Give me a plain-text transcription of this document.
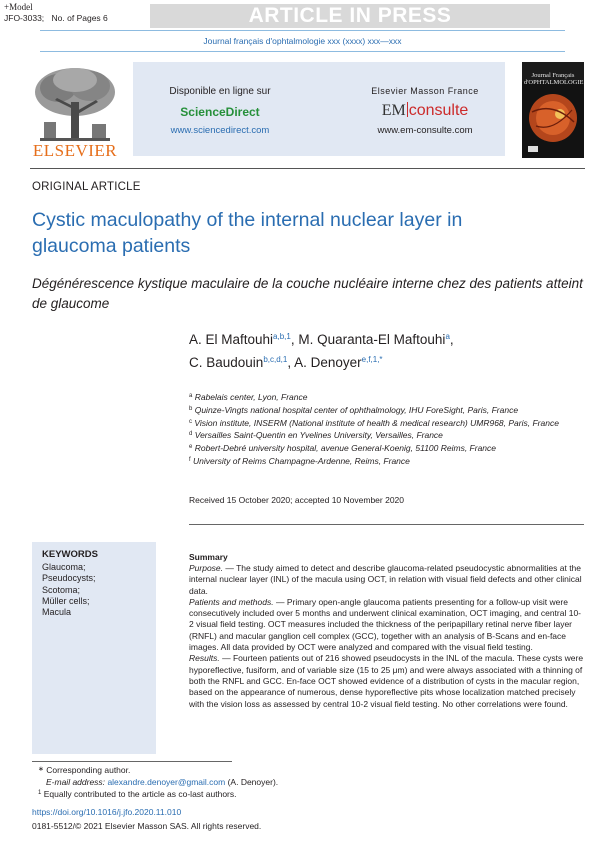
+Model
JFO-3033; No. of Pages 6	ARTICLE IN PRESS
Journal français d'ophtalmologie xxx (xxxx) xxx—xxx
ELSEVIER
Disponible en ligne sur
ScienceDirect
www.sciencedirect.com
Elsevier Masson France
EM consulte
www.em-consulte.com
Journal Français d'OPHTALMOLOGIE
ORIGINAL ARTICLE
Cystic maculopathy of the internal nuclear layer in glaucoma patients
Dégénérescence kystique maculaire de la couche nucléaire interne chez des patients atteint de glaucome
A. El Maftouhi$^{a,b,1}$, M. Quaranta-El Maftouhi$^a$,
C. Baudouin$^{b,c,d,1}$, A. Denoyer$^{e,f,1,*}$
$^a$ Rabelais center, Lyon, France
$^b$ Quinze-Vingts national hospital center of ophthalmology, IHU ForeSight, Paris, France
$^c$ Vision institute, INSERM (National institute of health & medical research) UMR968, Paris, France
$^d$ Versailles Saint-Quentin en Yvelines University, Versailles, France
$^e$ Robert-Debré university hospital, avenue General-Koenig, 51100 Reims, France
$^f$ University of Reims Champagne-Ardenne, Reims, France
Received 15 October 2020; accepted 10 November 2020
KEYWORDS
Glaucoma;
Pseudocysts;
Scotoma;
Müller cells;
Macula
Summary

Purpose. — The study aimed to detect and describe glaucoma-related pseudocystic abnormalities at the internal nuclear layer (INL) of the macula using OCT, in relation with visual field defects and other clinical data.

Patients and methods. — Primary open-angle glaucoma patients presenting for a follow-up visit were consecutively included over 5 months and underwent clinical examination, OCT imaging, and central 10-2 visual field testing. OCT measures included the thickness of the peripapillary retinal nerve fiber layer (RNFL) and macular ganglion cell complex (GCC), together with an analysis of B-Scans and en-face images. All data provided by OCT were analyzed and compared with the visual field testing.

Results. — Fourteen patients out of 216 showed pseudocysts in the INL of the macula. These cysts were hyporeflective, fusiform, and of variable size (15 to 25 μm) and were always associated with a thinning of both the RNFL and GCC. En-face OCT showed evidence of a distribution of cysts in the macular region, based on the appearance of numerous, dense hyporeflective pits whose localization matched precisely with the vision loss as assessed by central 10-2 visual field testing. No other correlations were found.

∗ Corresponding author.
E-mail address: alexandre.denoyer@gmail.com (A. Denoyer).
$^1$ Equally contributed to the article as co-last authors.
https://doi.org/10.1016/j.jfo.2020.11.010
0181-5512/© 2021 Elsevier Masson SAS. All rights reserved.
